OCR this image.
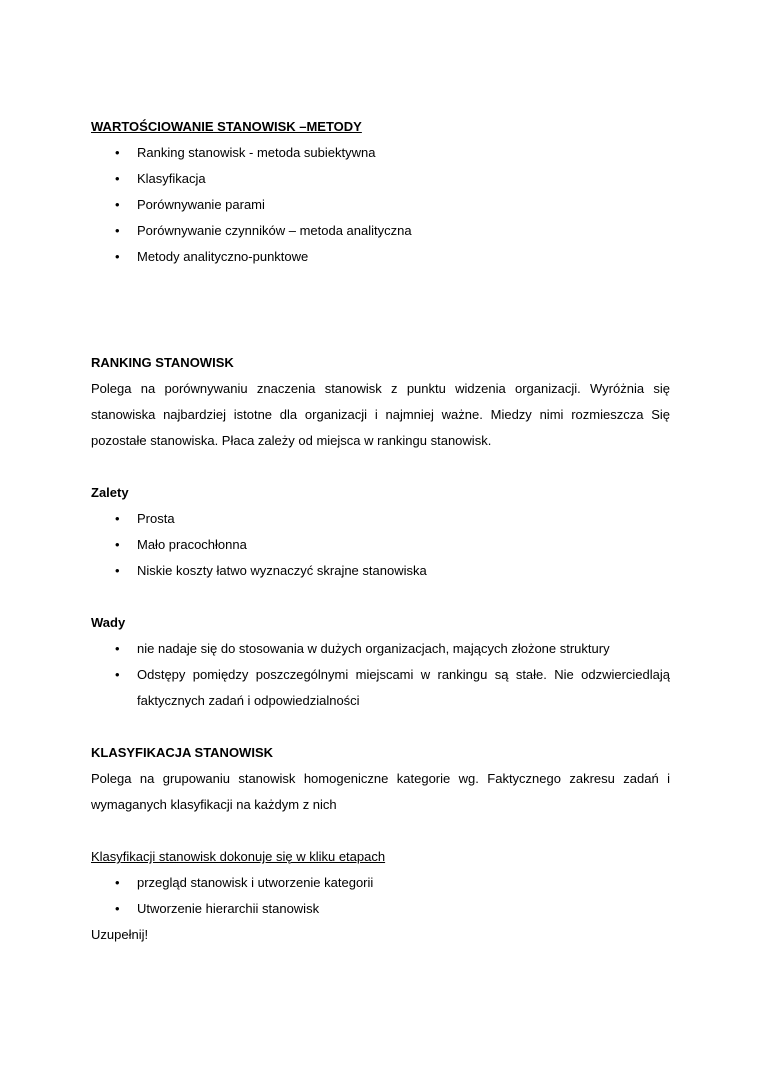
WARTOŚCIOWANIE STANOWISK –METODY

• Ranking stanowisk - metoda subiektywna
• Klasyfikacja
• Porównywanie parami
• Porównywanie czynników – metoda analityczna
• Metody analityczno-punktowe

RANKING STANOWISK

Polega na porównywaniu znaczenia stanowisk z punktu widzenia organizacji. Wyróżnia się stanowiska najbardziej istotne dla organizacji i najmniej ważne. Miedzy nimi rozmieszcza Się pozostałe stanowiska. Płaca zależy od miejsca w rankingu stanowisk.

Zalety

• Prosta
• Mało pracochłonna
• Niskie koszty łatwo wyznaczyć skrajne stanowiska

Wady

• nie nadaje się do stosowania w dużych organizacjach, mających złożone struktury
• Odstępy pomiędzy poszczególnymi miejscami w rankingu są stałe. Nie odzwierciedlają faktycznych zadań i odpowiedzialności

KLASYFIKACJA STANOWISK

Polega na grupowaniu stanowisk homogeniczne kategorie wg. Faktycznego zakresu zadań i wymaganych klasyfikacji na każdym z nich

Klasyfikacji stanowisk dokonuje się w kliku etapach

• przegląd stanowisk i utworzenie kategorii
• Utworzenie hierarchii stanowisk

Uzupełnij!
